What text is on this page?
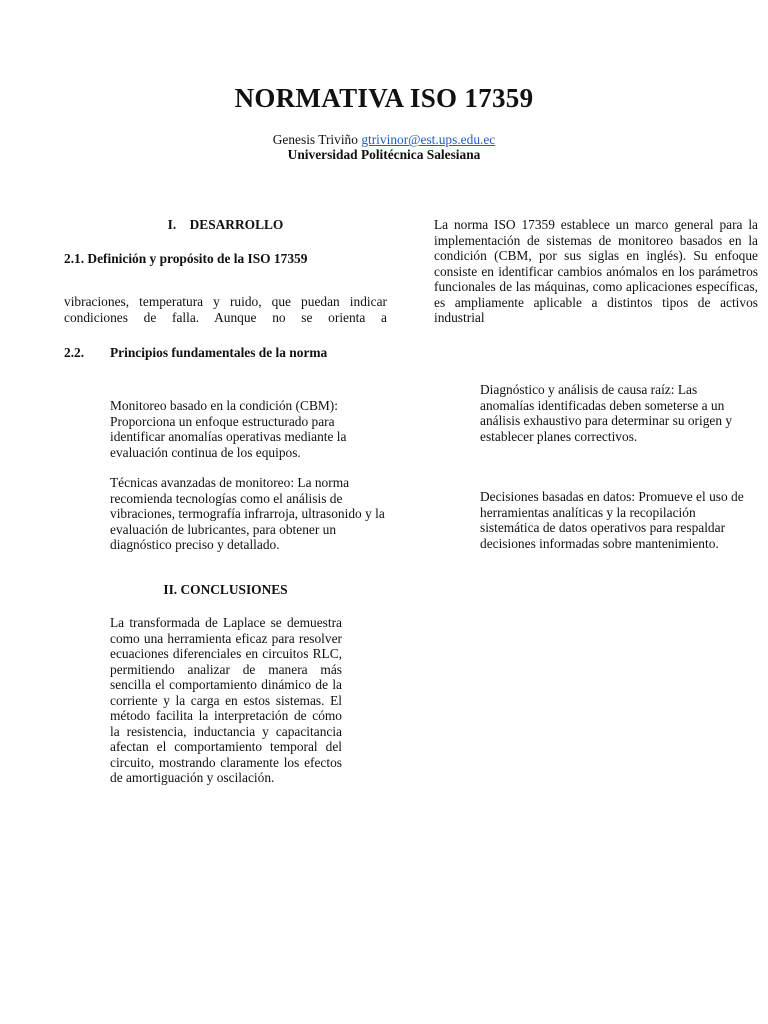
NORMATIVA ISO 17359
Genesis Triviño gtrivinor@est.ups.edu.ec
Universidad Politécnica Salesiana
I. DESARROLLO
2.1. Definición y propósito de la ISO 17359
vibraciones, temperatura y ruido, que puedan indicar
condiciones de falla. Aunque no se orienta a
2.2. Principios fundamentales de la norma
Monitoreo basado en la condición (CBM): Proporciona un enfoque estructurado para identificar anomalías operativas mediante la evaluación continua de los equipos.
Técnicas avanzadas de monitoreo: La norma recomienda tecnologías como el análisis de vibraciones, termografía infrarroja, ultrasonido y la evaluación de lubricantes, para obtener un diagnóstico preciso y detallado.
II. CONCLUSIONES
La transformada de Laplace se demuestra como una herramienta eficaz para resolver ecuaciones diferenciales en circuitos RLC, permitiendo analizar de manera más sencilla el comportamiento dinámico de la corriente y la carga en estos sistemas. El método facilita la interpretación de cómo la resistencia, inductancia y capacitancia afectan el comportamiento temporal del circuito, mostrando claramente los efectos de amortiguación y oscilación.
La norma ISO 17359 establece un marco general para la implementación de sistemas de monitoreo basados en la condición (CBM, por sus siglas en inglés). Su enfoque consiste en identificar cambios anómalos en los parámetros funcionales de las máquinas, como aplicaciones específicas, es ampliamente aplicable a distintos tipos de activos industrial
Diagnóstico y análisis de causa raíz: Las anomalías identificadas deben someterse a un análisis exhaustivo para determinar su origen y establecer planes correctivos.
Decisiones basadas en datos: Promueve el uso de herramientas analíticas y la recopilación sistemática de datos operativos para respaldar decisiones informadas sobre mantenimiento.
